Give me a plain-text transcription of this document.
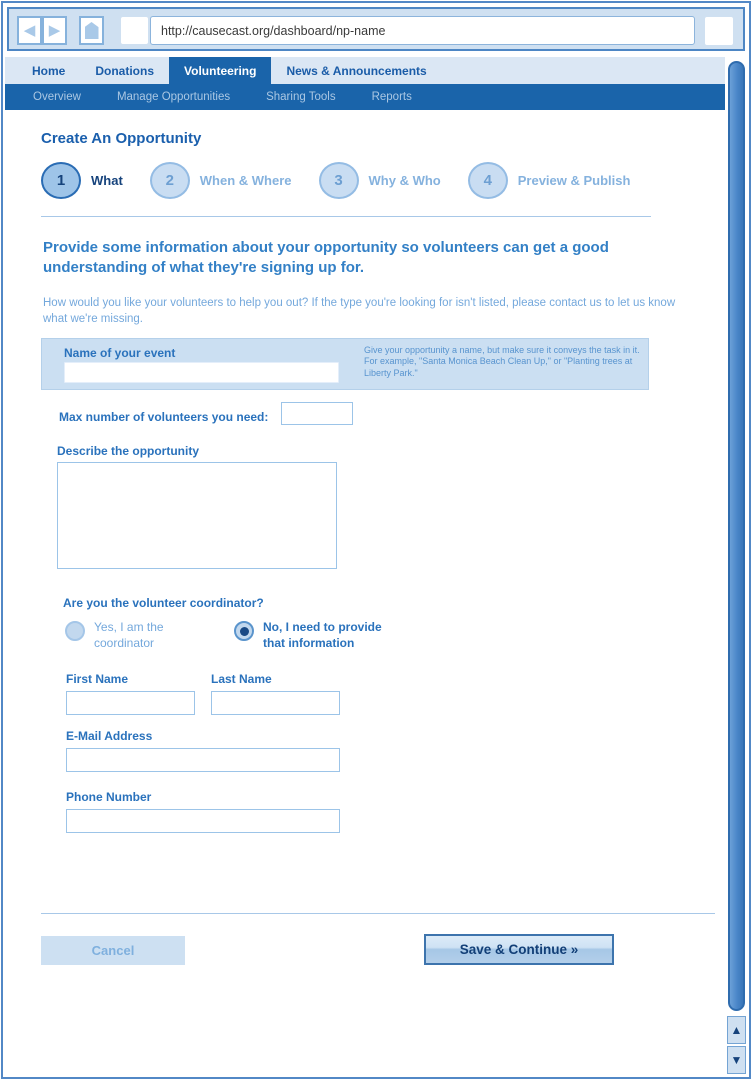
◀ ▶
http://causecast.org/dashboard/np-name
Home	Donations	Volunteering	News & Announcements
Overview	Manage Opportunities	Sharing Tools	Reports
Create An Opportunity
1	What	2	When & Where	3	Why & Who	4	Preview & Publish
Provide some information about your opportunity so volunteers can get a good understanding of what they're signing up for.
How would you like your volunteers to help you out? If the type you're looking for isn't listed, please contact us to let us know what we're missing.
Name of your event	Give your opportunity a name, but make sure it conveys the task in it. For example, "Santa Monica Beach Clean Up," or "Planting trees at Liberty Park."
Max number of volunteers you need:
Describe the opportunity
Are you the volunteer coordinator?
Yes, I am the coordinator
No, I need to provide that information
First Name	Last Name
E-Mail Address
Phone Number
Cancel	Save & Continue »
▲
▼
